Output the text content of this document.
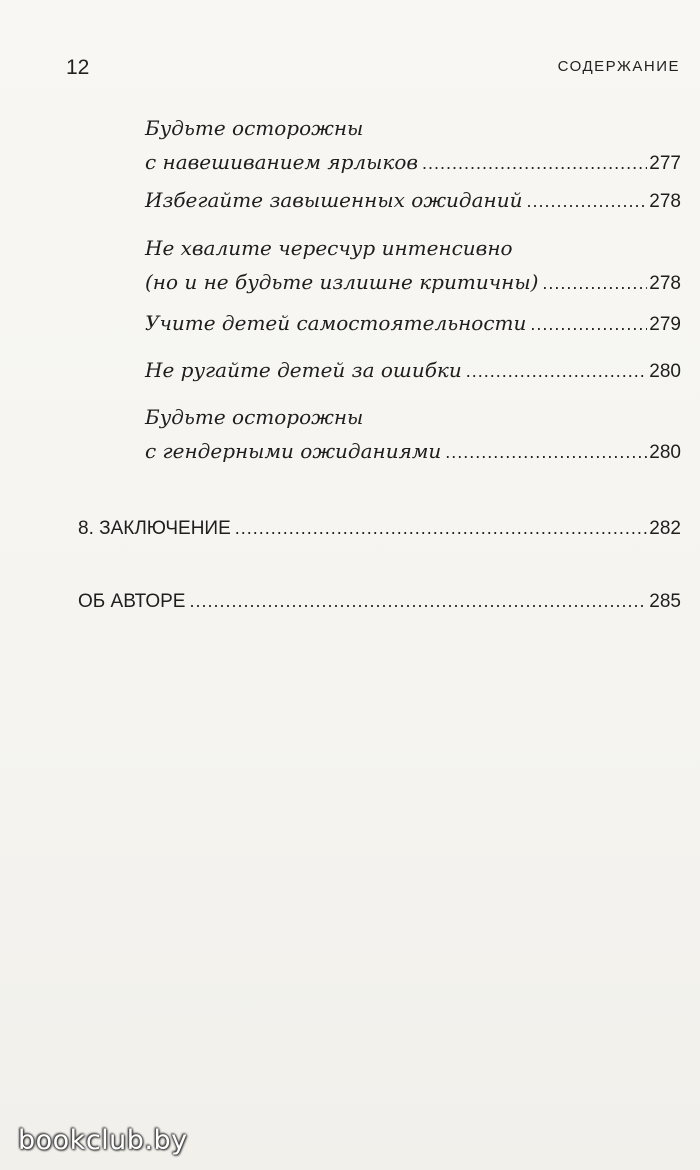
12	СОДЕРЖАНИЕ
Будьте осторожны
с навешиванием ярлыков .....	277
Избегайте завышенных ожиданий .....	278
Не хвалите чересчур интенсивно
(но и не будьте излишне критичны) .....	278
Учите детей самостоятельности .....	279
Не ругайте детей за ошибки .....	280
Будьте осторожны
с гендерными ожиданиями .....	280
8. ЗАКЛЮЧЕНИЕ .....	282
ОБ АВТОРЕ .....	285
bookclub.by
